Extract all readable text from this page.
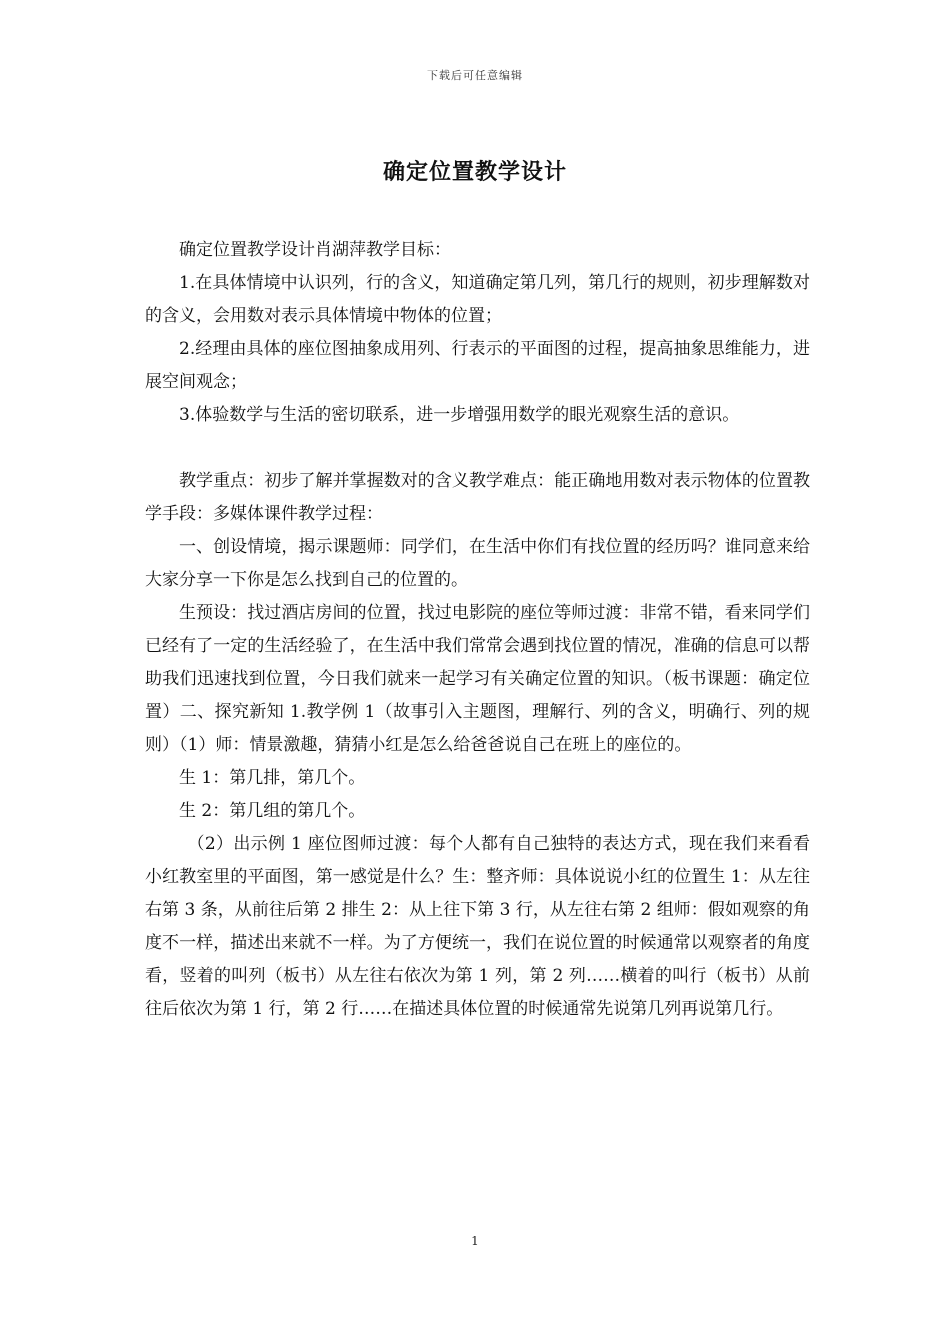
下载后可任意编辑
确定位置教学设计

确定位置教学设计肖湖萍教学目标：

1.在具体情境中认识列，行的含义，知道确定第几列，第几行的规则，初步理解数对的含义，会用数对表示具体情境中物体的位置；

2.经理由具体的座位图抽象成用列、行表示的平面图的过程，提高抽象思维能力，进展空间观念；

3.体验数学与生活的密切联系，进一步增强用数学的眼光观察生活的意识。

教学重点：初步了解并掌握数对的含义教学难点：能正确地用数对表示物体的位置教学手段：多媒体课件教学过程：

一、创设情境，揭示课题师：同学们，在生活中你们有找位置的经历吗？谁同意来给大家分享一下你是怎么找到自己的位置的。

生预设：找过酒店房间的位置，找过电影院的座位等师过渡：非常不错，看来同学们已经有了一定的生活经验了，在生活中我们常常会遇到找位置的情况，准确的信息可以帮助我们迅速找到位置，今日我们就来一起学习有关确定位置的知识。（板书课题：确定位置）二、探究新知 1.教学例 1（故事引入主题图，理解行、列的含义，明确行、列的规则）（1）师：情景激趣，猜猜小红是怎么给爸爸说自己在班上的座位的。

生 1：第几排，第几个。

生 2：第几组的第几个。

（2）出示例 1 座位图师过渡：每个人都有自己独特的表达方式，现在我们来看看小红教室里的平面图，第一感觉是什么？生：整齐师：具体说说小红的位置生 1：从左往右第 3 条，从前往后第 2 排生 2：从上往下第 3 行，从左往右第 2 组师：假如观察的角度不一样，描述出来就不一样。为了方便统一，我们在说位置的时候通常以观察者的角度看，竖着的叫列（板书）从左往右依次为第 1 列，第 2 列……横着的叫行（板书）从前往后依次为第 1 行，第 2 行……在描述具体位置的时候通常先说第几列再说第几行。

1
